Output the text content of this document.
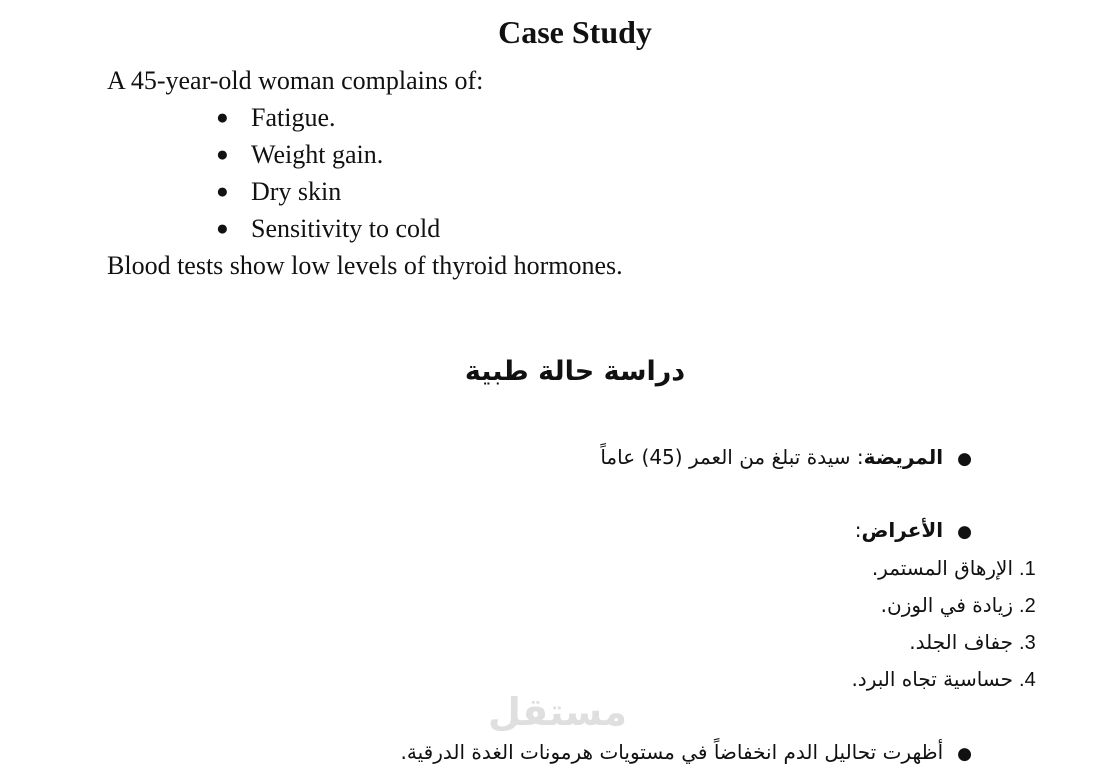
Case Study
A 45-year-old woman complains of:
● Fatigue.
● Weight gain.
● Dry skin
● Sensitivity to cold
Blood tests show low levels of thyroid hormones.
دراسة حالة طبية
●المريضة: سيدة تبلغ من العمر (45) عاماً
●الأعراض:
1.الإرهاق المستمر.
2.زيادة في الوزن.
3.جفاف الجلد.
4.حساسية تجاه البرد.
مستقل
●أظهرت تحاليل الدم انخفاضاً في مستويات هرمونات الغدة الدرقية.
